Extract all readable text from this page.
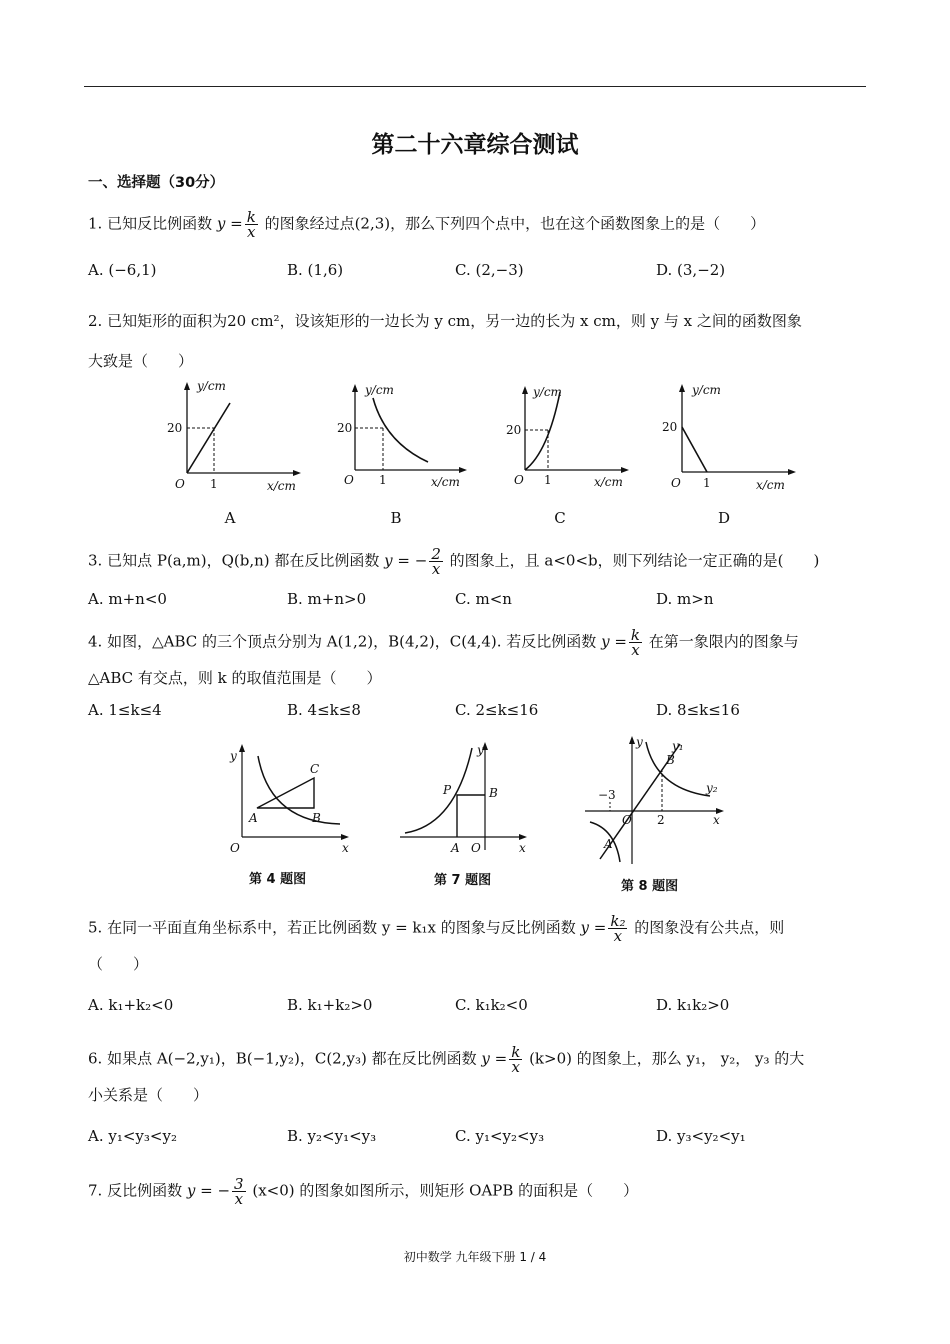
第二十六章综合测试
一、选择题（30分）
1. 已知反比例函数 $y = \frac{k}{x}$ 的图象经过点(2,3)，那么下列四个点中，也在这个函数图象上的是（　　）
A. (−6,1)	B. (1,6)	C. (2,−3)	D. (3,−2)
2. 已知矩形的面积为20 cm²，设该矩形的一边长为 y cm，另一边的长为 x cm，则 y 与 x 之间的函数图象
大致是（　　）
y/cm
20
O 1	x/cm
y/cm
20
O 1	x/cm
y/cm
20
O 1	x/cm
y/cm
20
O 1	x/cm
A	B	C	D
3. 已知点 P(a,m)，Q(b,n) 都在反比例函数 y = − $\frac{2}{x}$ 的图象上，且 a<0<b，则下列结论一定正确的是(　　)
A. m+n<0	B. m+n>0	C. m<n	D. m>n
4. 如图，△ABC 的三个顶点分别为 A(1,2)，B(4,2)，C(4,4). 若反比例函数 $y = \frac{k}{x}$ 在第一象限内的图象与
△ABC 有交点，则 k 的取值范围是（　　）
A. 1≤k≤4	B. 4≤k≤8	C. 2≤k≤16	D. 8≤k≤16
y
x
O
A	B
C
第 4 题图
y
x
O
A
B
P
第 7 题图
y
x
O
A
B
−3
2
y₁
y₂
第 8 题图
5. 在同一平面直角坐标系中，若正比例函数 y = k₁x 的图象与反比例函数 $y = \frac{\text{k₂}}{x}$ 的图象没有公共点，则
（　　）
A. k₁+k₂<0	B. k₁+k₂>0	C. k₁k₂<0	D. k₁k₂>0
6. 如果点 A(−2,y₁)，B(−1,y₂)，C(2,y₃) 都在反比例函数 $y = \frac{k}{x} (k>0)$ 的图象上，那么 y₁， y₂， y₃ 的大
小关系是（　　）
A. y₁<y₃<y₂	B. y₂<y₁<y₃	C. y₁<y₂<y₃	D. y₃<y₂<y₁
7. 反比例函数 y = − $\frac{3}{x} (x<0)$ 的图象如图所示，则矩形 OAPB 的面积是（　　）
初中数学 九年级下册 1 / 4
